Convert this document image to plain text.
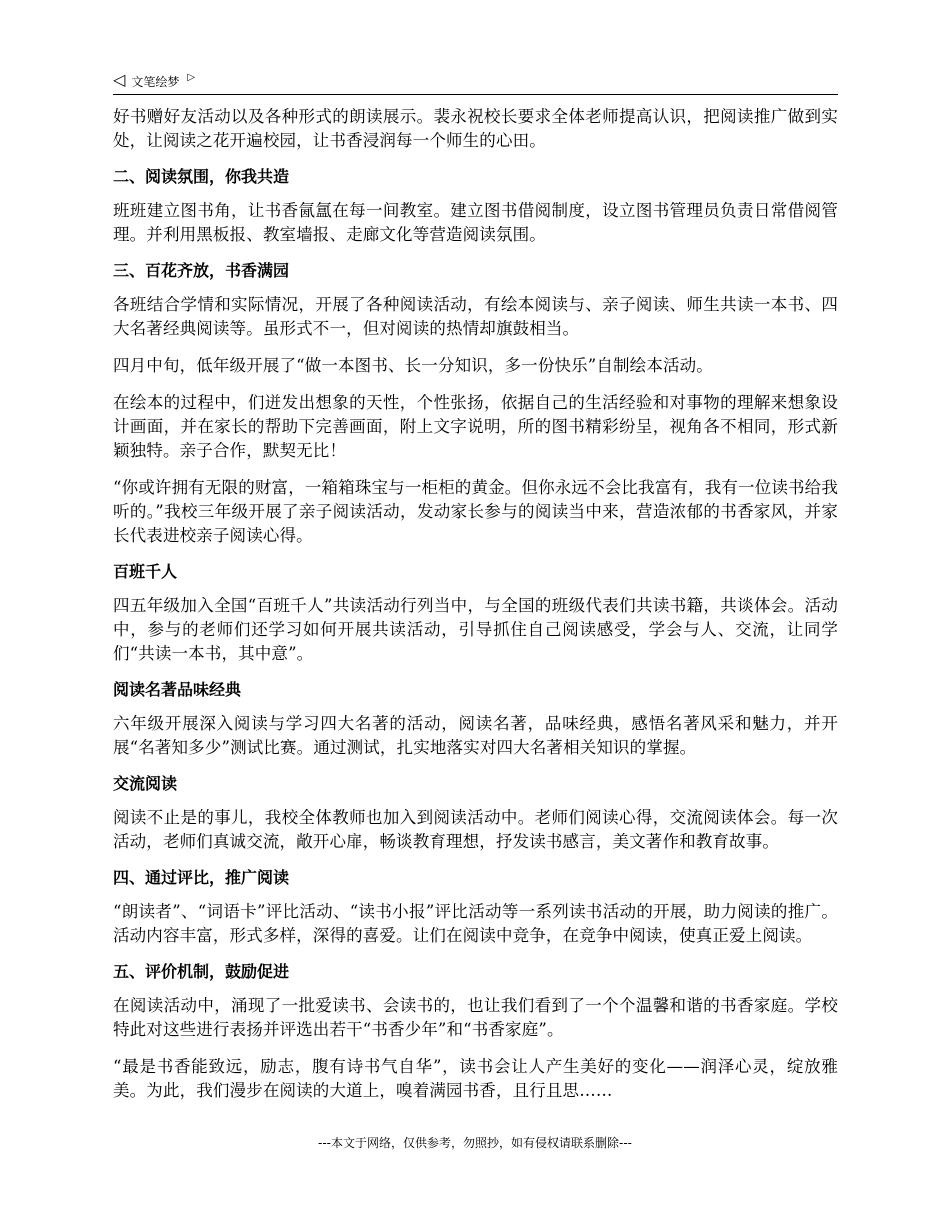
◁ 文笔绘梦 ▷

好书赠好友活动以及各种形式的朗读展示。裴永祝校长要求全体老师提高认识，把阅读推广做到实处，让阅读之花开遍校园，让书香浸润每一个师生的心田。

二、阅读氛围，你我共造

班班建立图书角，让书香氤氲在每一间教室。建立图书借阅制度，设立图书管理员负责日常借阅管理。并利用黑板报、教室墙报、走廊文化等营造阅读氛围。

三、百花齐放，书香满园

各班结合学情和实际情况，开展了各种阅读活动，有绘本阅读与、亲子阅读、师生共读一本书、四大名著经典阅读等。虽形式不一，但对阅读的热情却旗鼓相当。

四月中旬，低年级开展了“做一本图书、长一分知识，多一份快乐”自制绘本活动。

在绘本的过程中，们迸发出想象的天性，个性张扬，依据自己的生活经验和对事物的理解来想象设计画面，并在家长的帮助下完善画面，附上文字说明，所的图书精彩纷呈，视角各不相同，形式新颖独特。亲子合作，默契无比！

“你或许拥有无限的财富，一箱箱珠宝与一柜柜的黄金。但你永远不会比我富有，我有一位读书给我听的。”我校三年级开展了亲子阅读活动，发动家长参与的阅读当中来，营造浓郁的书香家风，并家长代表进校亲子阅读心得。

百班千人

四五年级加入全国“百班千人”共读活动行列当中，与全国的班级代表们共读书籍，共谈体会。活动中，参与的老师们还学习如何开展共读活动，引导抓住自己阅读感受，学会与人、交流，让同学们“共读一本书，其中意”。

阅读名著品味经典

六年级开展深入阅读与学习四大名著的活动，阅读名著，品味经典，感悟名著风采和魅力，并开展“名著知多少”测试比赛。通过测试，扎实地落实对四大名著相关知识的掌握。

交流阅读

阅读不止是的事儿，我校全体教师也加入到阅读活动中。老师们阅读心得，交流阅读体会。每一次活动，老师们真诚交流，敞开心扉，畅谈教育理想，抒发读书感言，美文著作和教育故事。

四、通过评比，推广阅读

“朗读者”、“词语卡”评比活动、“读书小报”评比活动等一系列读书活动的开展，助力阅读的推广。活动内容丰富，形式多样，深得的喜爱。让们在阅读中竞争，在竞争中阅读，使真正爱上阅读。

五、评价机制，鼓励促进

在阅读活动中，涌现了一批爱读书、会读书的，也让我们看到了一个个温馨和谐的书香家庭。学校特此对这些进行表扬并评选出若干“书香少年”和“书香家庭”。

“最是书香能致远，励志，腹有诗书气自华”，读书会让人产生美好的变化——润泽心灵，绽放雅美。为此，我们漫步在阅读的大道上，嗅着满园书香，且行且思……

---本文于网络，仅供参考，勿照抄，如有侵权请联系删除---
